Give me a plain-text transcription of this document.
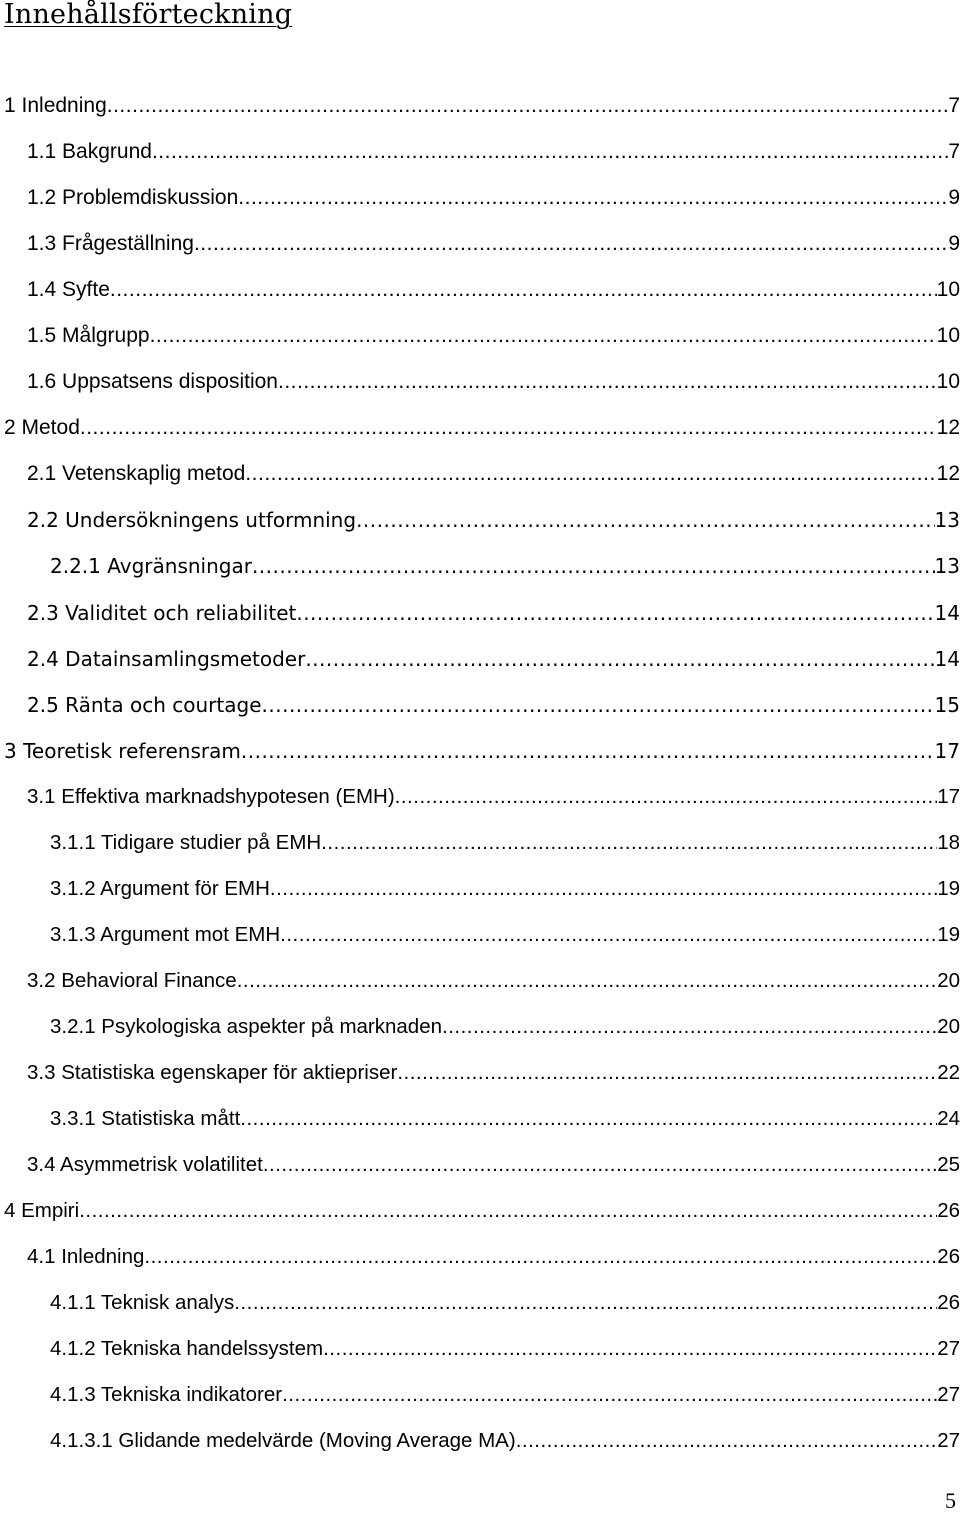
Innehållsförteckning
1 Inledning .....	7
1.1 Bakgrund .....	7
1.2 Problemdiskussion .....	9
1.3 Frågeställning .....	9
1.4 Syfte .....	10
1.5 Målgrupp .....	10
1.6 Uppsatsens disposition .....	10
2 Metod .....	12
2.1 Vetenskaplig metod .....	12
2.2 Undersökningens utformning .....	13
2.2.1 Avgränsningar .....	13
2.3 Validitet och reliabilitet .....	14
2.4 Datainsamlingsmetoder .....	14
2.5 Ränta och courtage .....	15
3 Teoretisk referensram .....	17
3.1 Effektiva marknadshypotesen (EMH) .....	17
3.1.1 Tidigare studier på EMH .....	18
3.1.2 Argument för EMH .....	19
3.1.3 Argument mot EMH .....	19
3.2 Behavioral Finance .....	20
3.2.1 Psykologiska aspekter på marknaden .....	20
3.3 Statistiska egenskaper för aktiepriser .....	22
3.3.1 Statistiska mått .....	24
3.4 Asymmetrisk volatilitet .....	25
4 Empiri .....	26
4.1 Inledning .....	26
4.1.1 Teknisk analys .....	26
4.1.2 Tekniska handelssystem .....	27
4.1.3 Tekniska indikatorer .....	27
4.1.3.1 Glidande medelvärde (Moving Average MA) .....	27
5
